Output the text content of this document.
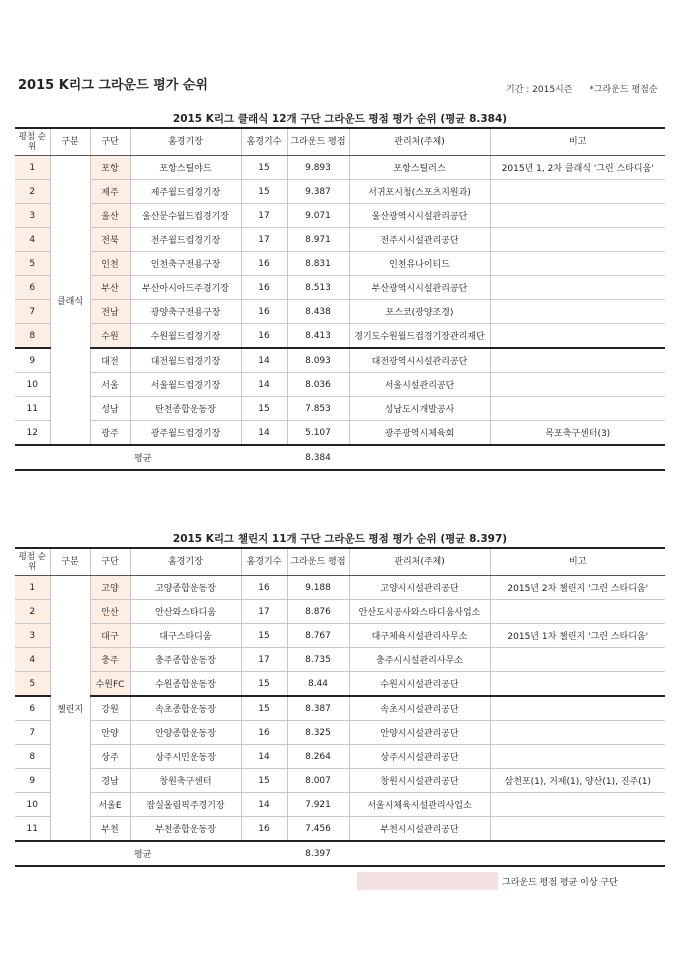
2015 K리그 그라운드 평가 순위	기간 : 2015시즌 *그라운드 평점순
2015 K리그 클래식 12개 구단 그라운드 평점 평가 순위 (평균 8.384)
평점 순위	구분	구단	홈경기장	홈경기수	그라운드 평점	관리처(주체)	비고
1	클래식	포항	포항스틸야드	15	9.893	포항스틸러스	2015년 1, 2차 클래식 '그린 스타디움'
2		제주	제주월드컵경기장	15	9.387	서귀포시청(스포츠지원과)	
3		울산	울산문수월드컵경기장	17	9.071	울산광역시시설관리공단	
4		전북	전주월드컵경기장	17	8.971	전주시시설관리공단	
5		인천	인천축구전용구장	16	8.831	인천유나이티드	
6		부산	부산아시아드주경기장	16	8.513	부산광역시시설관리공단	
7		전남	광양축구전용구장	16	8.438	포스코(광양조경)	
8		수원	수원월드컵경기장	16	8.413	경기도수원월드컵경기장관리재단	
9		대전	대전월드컵경기장	14	8.093	대전광역시시설관리공단	
10		서울	서울월드컵경기장	14	8.036	서울시설관리공단	
11		성남	탄천종합운동장	15	7.853	성남도시개발공사	
12		광주	광주월드컵경기장	14	5.107	광주광역시체육회	목포축구센터(3)
			평균		8.384		
2015 K리그 챌린지 11개 구단 그라운드 평점 평가 순위 (평균 8.397)
평점 순위	구분	구단	홈경기장	홈경기수	그라운드 평점	관리처(주체)	비고
1	챌린지	고양	고양종합운동장	16	9.188	고양시시설관리공단	2015년 2차 챌린지 '그린 스타디움'
2		안산	안산와스타디움	17	8.876	안산도시공사와스타디움사업소	
3		대구	대구스타디움	15	8.767	대구체육시설관리사무소	2015년 1차 챌린지 '그린 스타디움'
4		충주	충주종합운동장	17	8.735	충주시시설관리사무소	
5		수원FC	수원종합운동장	15	8.44	수원시시설관리공단	
6		강원	속초종합운동장	15	8.387	속초시시설관리공단	
7		안양	안양종합운동장	16	8.325	안양시시설관리공단	
8		상주	상주시민운동장	14	8.264	상주시시설관리공단	
9		경남	창원축구센터	15	8.007	창원시시설관리공단	삼천포(1), 거제(1), 양산(1), 진주(1)
10		서울E	잠실올림픽주경기장	14	7.921	서울시체육시설관리사업소	
11		부천	부천종합운동장	16	7.456	부천시시설관리공단	
			평균		8.397		
그라운드 평점 평균 이상 구단
